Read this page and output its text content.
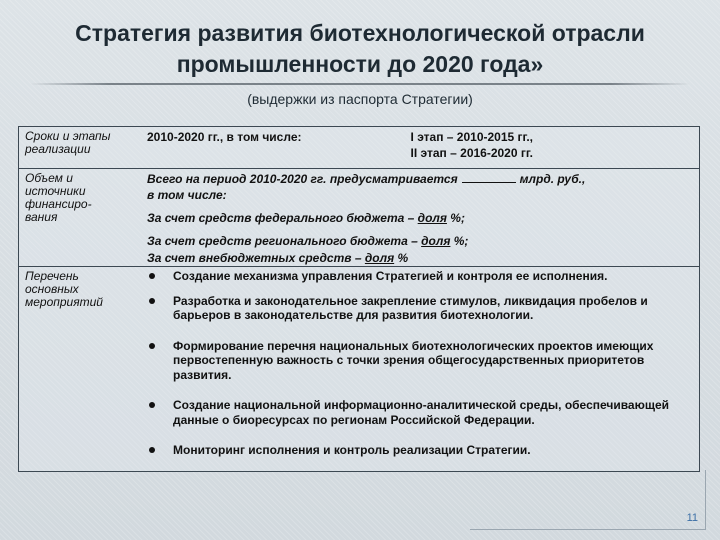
Стратегия развития биотехнологической отрасли
промышленности до 2020 года»
(выдержки из паспорта Стратегии)
Сроки и этапы реализации
2010-2020 гг., в том числе:	I этап – 2010-2015 гг.,
II этап – 2016-2020 гг.
Объем и источники финансиро-вания
Всего на период 2010-2020 гг. предусматривается	млрд. руб.,
в том числе:
За счет средств федерального бюджета – доля %;
За счет средств регионального бюджета – доля %;
Перечень основных мероприятий
За счет внебюджетных средств – доля %
Создание механизма управления Стратегией и контроля ее исполнения.
Разработка и законодательное закрепление стимулов, ликвидация пробелов и барьеров в законодательстве для развития биотехнологии.
Формирование перечня национальных биотехнологических проектов имеющих первостепенную важность с точки зрения общегосударственных приоритетов развития.
Создание национальной информационно-аналитической среды, обеспечивающей данные о биоресурсах по регионам Российской Федерации.
Мониторинг исполнения и контроль реализации Стратегии.
11
